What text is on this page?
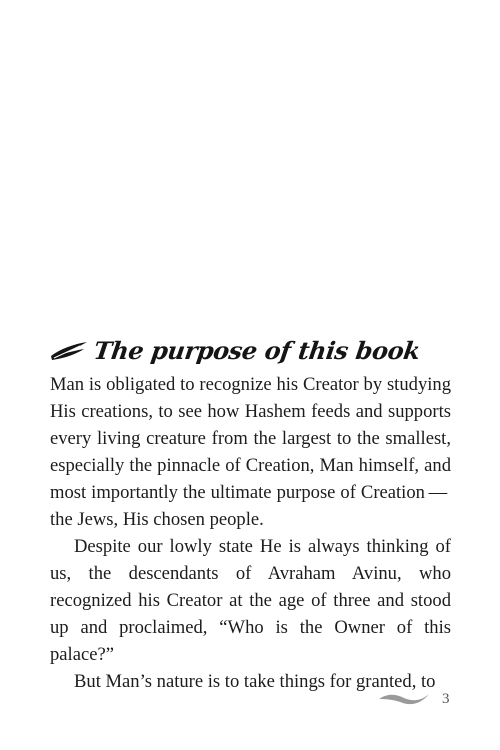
The purpose of this book

Man is obligated to recognize his Creator by studying His creations, to see how Hashem feeds and supports every living creature from the largest to the smallest, especially the pinnacle of Creation, Man himself, and most importantly the ultimate purpose of Creation — the Jews, His chosen people.

Despite our lowly state He is always thinking of us, the descendants of Avraham Avinu, who recognized his Creator at the age of three and stood up and proclaimed, “Who is the Owner of this palace?”

But Man’s nature is to take things for granted, to

3
